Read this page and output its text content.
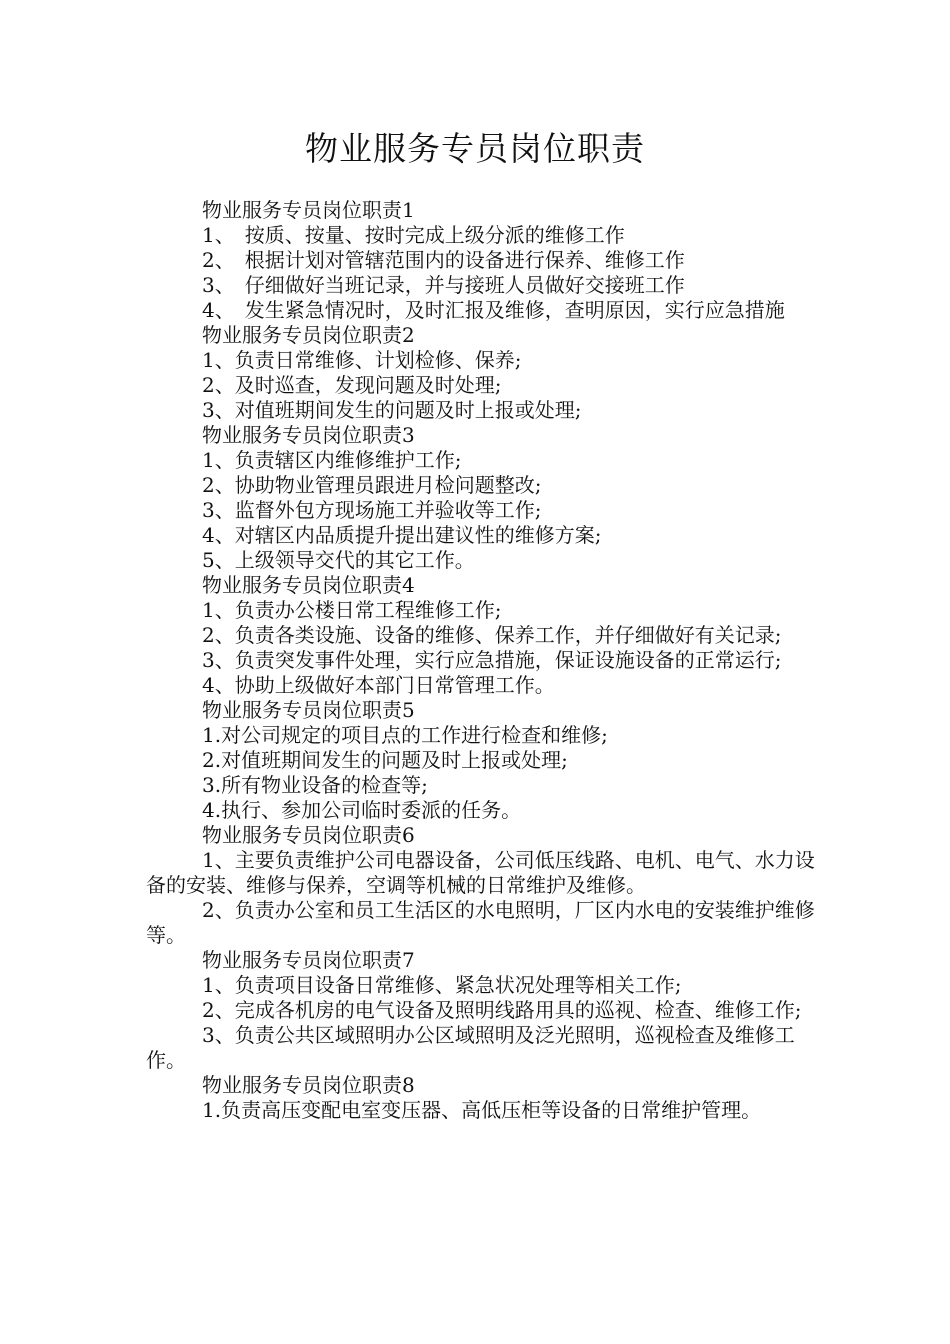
物业服务专员岗位职责

物业服务专员岗位职责1

1、　按质、按量、按时完成上级分派的维修工作

2、　根据计划对管辖范围内的设备进行保养、维修工作

3、　仔细做好当班记录，并与接班人员做好交接班工作

4、　发生紧急情况时，及时汇报及维修，查明原因，实行应急措施

物业服务专员岗位职责2

1、负责日常维修、计划检修、保养;

2、及时巡查，发现问题及时处理;

3、对值班期间发生的问题及时上报或处理;

物业服务专员岗位职责3

1、负责辖区内维修维护工作;

2、协助物业管理员跟进月检问题整改;

3、监督外包方现场施工并验收等工作;

4、对辖区内品质提升提出建议性的维修方案;

5、上级领导交代的其它工作。

物业服务专员岗位职责4

1、负责办公楼日常工程维修工作;

2、负责各类设施、设备的维修、保养工作，并仔细做好有关记录;

3、负责突发事件处理，实行应急措施，保证设施设备的正常运行;

4、协助上级做好本部门日常管理工作。

物业服务专员岗位职责5

1.对公司规定的项目点的工作进行检查和维修;

2.对值班期间发生的问题及时上报或处理;

3.所有物业设备的检查等;

4.执行、参加公司临时委派的任务。

物业服务专员岗位职责6

1、主要负责维护公司电器设备，公司低压线路、电机、电气、水力设备的安装、维修与保养，空调等机械的日常维护及维修。

2、负责办公室和员工生活区的水电照明，厂区内水电的安装维护维修等。

物业服务专员岗位职责7

1、负责项目设备日常维修、紧急状况处理等相关工作;

2、完成各机房的电气设备及照明线路用具的巡视、检查、维修工作;

3、负责公共区域照明办公区域照明及泛光照明，巡视检查及维修工作。

物业服务专员岗位职责8

1.负责高压变配电室变压器、高低压柜等设备的日常维护管理。
